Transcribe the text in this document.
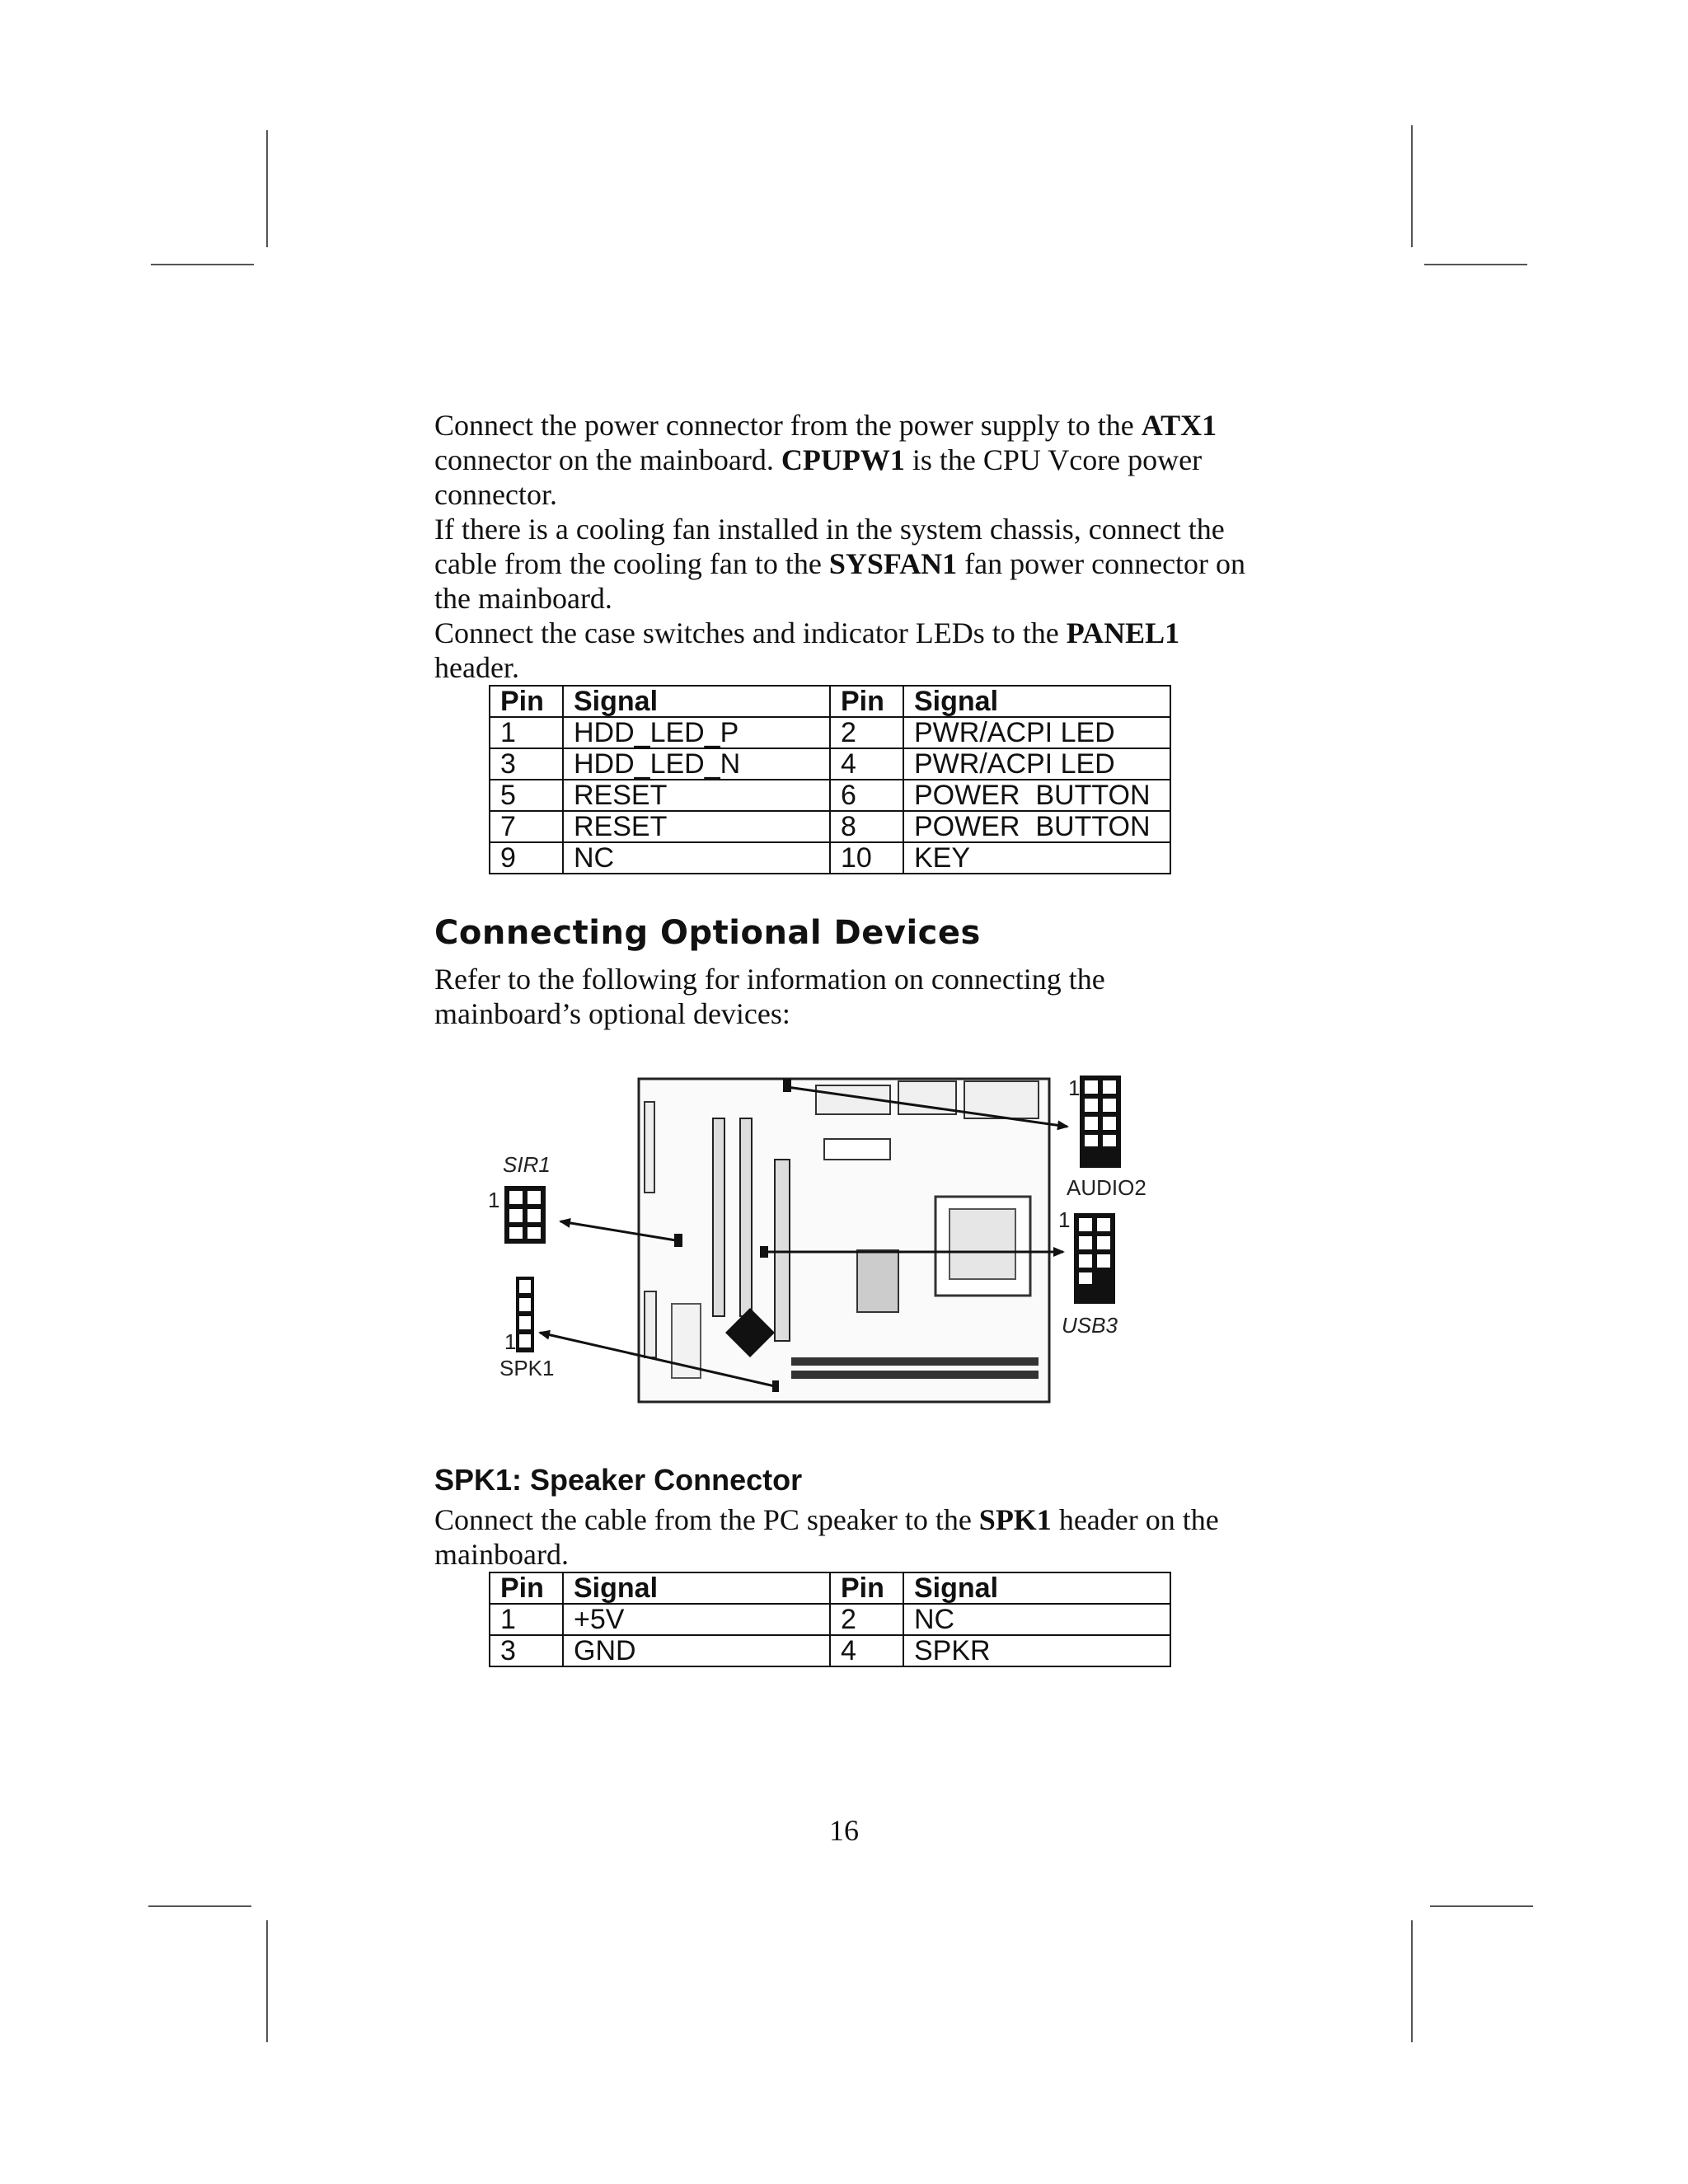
Connect the power connector from the power supply to the ATX1 connector on the mainboard. CPUPW1 is the CPU Vcore power connector.

If there is a cooling fan installed in the system chassis, connect the cable from the cooling fan to the SYSFAN1 fan power connector on the mainboard.

Connect the case switches and indicator LEDs to the PANEL1 header.

Pin	Signal	Pin	Signal
1	HDD_LED_P	2	PWR/ACPI LED
3	HDD_LED_N	4	PWR/ACPI LED
5	RESET	6	POWER  BUTTON
7	RESET	8	POWER  BUTTON
9	NC	10	KEY
Connecting Optional Devices

Refer to the following for information on connecting the mainboard’s optional devices:

SIR1
1
1
SPK1
1
AUDIO2
1
USB3
SPK1: Speaker Connector

Connect the cable from the PC speaker to the SPK1 header on the mainboard.

Pin	Signal	Pin	Signal
1	+5V	2	NC
3	GND	4	SPKR
16
